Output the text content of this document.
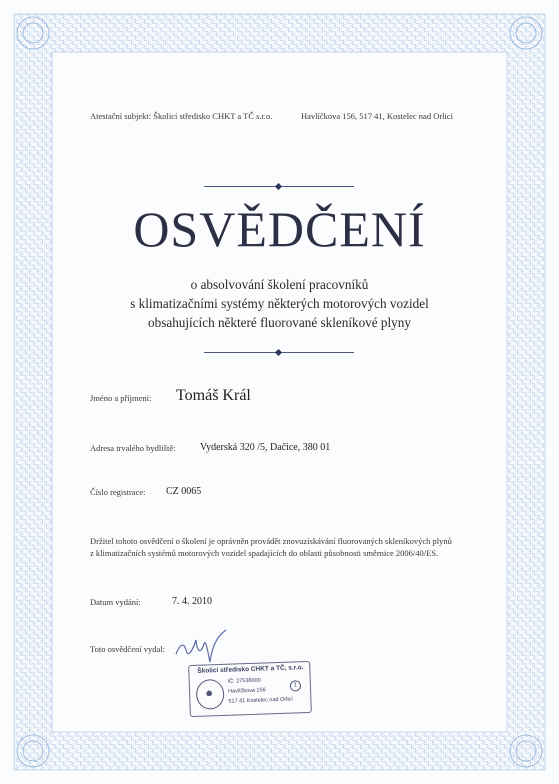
Atestační subjekt: Školicí středisko CHKT a TČ s.r.o.	Havlíčkova 156, 517 41, Kostelec nad Orlicí
OSVĚDČENÍ
o absolvování školení pracovníků
s klimatizačními systémy některých motorových vozidel
obsahujících některé fluorované skleníkové plyny
Jméno a příjmení: Tomáš Král
Adresa trvalého bydliště: Vyderská 320 /5, Dačice, 380 01
Číslo registrace: CZ 0065
Držitel tohoto osvědčení o školení je oprávněn provádět znovuzískávání fluorovaných skleníkových plynů
z klimatizačních systémů motorových vozidel spadajících do oblasti působnosti směrnice 2006/40/ES.
Datum vydání:	7. 4. 2010
Toto osvědčení vydal:
Školicí středisko CHKT a TČ, s.r.o.
IČ: 27536000
Havlíčkova 156
517 41 Kostelec nad Orlicí
1
